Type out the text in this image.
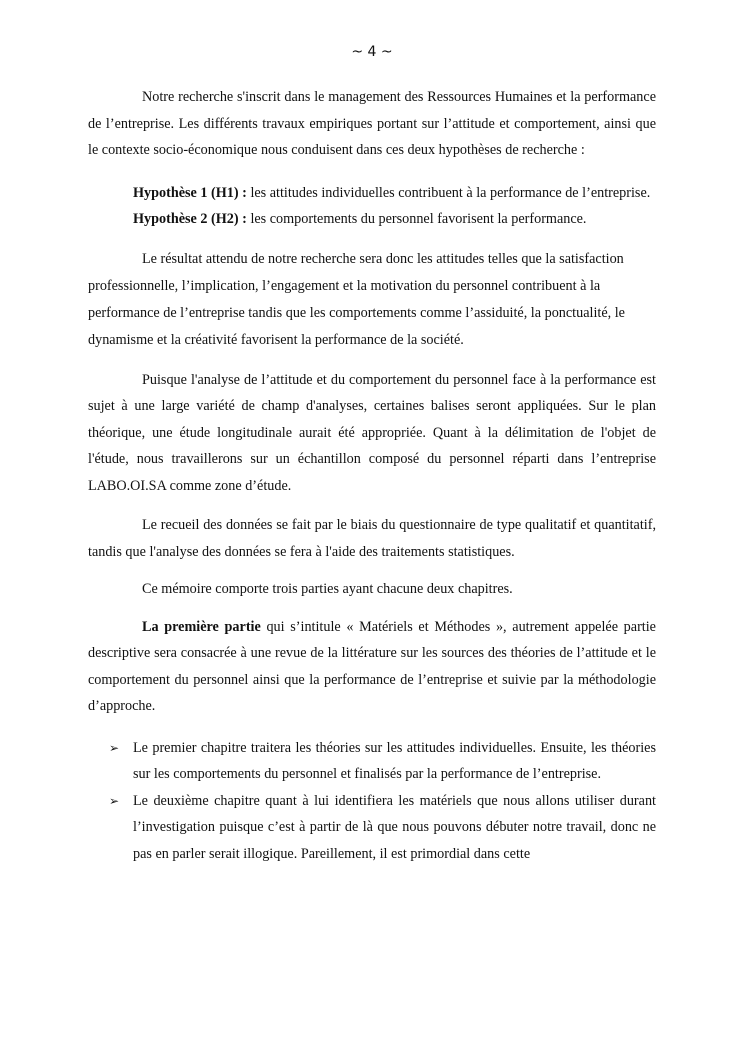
~ 4 ~

Notre recherche s'inscrit dans le management des Ressources Humaines et la performance de l’entreprise. Les différents travaux empiriques portant sur l’attitude et comportement, ainsi que le contexte socio-économique nous conduisent dans ces deux hypothèses de recherche :

Hypothèse 1 (H1) : les attitudes individuelles contribuent à la performance de l’entreprise.

Hypothèse 2 (H2) : les comportements du personnel favorisent la performance.

Le résultat attendu de notre recherche sera donc les attitudes telles que la satisfaction professionnelle, l’implication, l’engagement et la motivation du personnel contribuent à la performance de l’entreprise tandis que les comportements comme l’assiduité, la ponctualité, le dynamisme et la créativité favorisent la performance de la société.

Puisque l'analyse de l’attitude et du comportement du personnel face à la performance est sujet à une large variété de champ d'analyses, certaines balises seront appliquées. Sur le plan théorique, une étude longitudinale aurait été appropriée. Quant à la délimitation de l'objet de l'étude, nous travaillerons sur un échantillon composé du personnel réparti dans l’entreprise LABO.OI.SA comme zone d’étude.

Le recueil des données se fait par le biais du questionnaire de type qualitatif et quantitatif, tandis que l'analyse des données se fera à l'aide des traitements statistiques.

Ce mémoire comporte trois parties ayant chacune deux chapitres.

La première partie qui s’intitule « Matériels et Méthodes », autrement appelée partie descriptive sera consacrée à une revue de la littérature sur les sources des théories de l’attitude et le comportement du personnel ainsi que la performance de l’entreprise et suivie par la méthodologie d’approche.

➢ Le premier chapitre traitera les théories sur les attitudes individuelles. Ensuite, les théories sur les comportements du personnel et finalisés par la performance de l’entreprise.
➢ Le deuxième chapitre quant à lui identifiera les matériels que nous allons utiliser durant l’investigation puisque c’est à partir de là que nous pouvons débuter notre travail, donc ne pas en parler serait illogique. Pareillement, il est primordial dans cette
